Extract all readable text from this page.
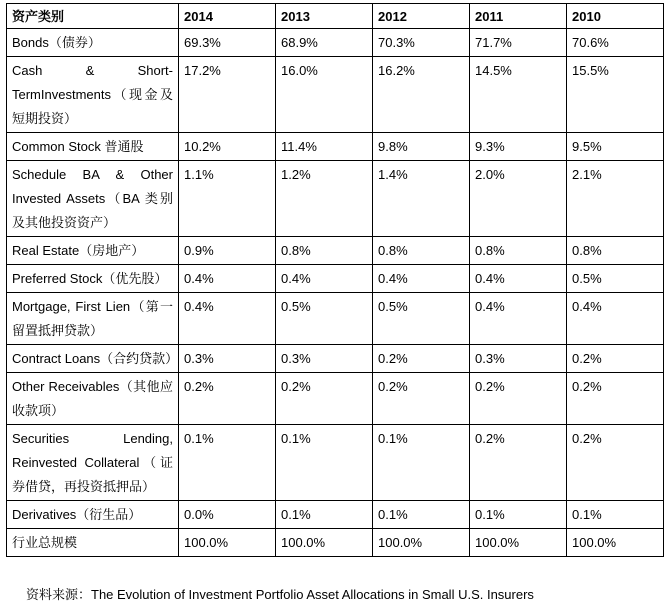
资产类别	2014	2013	2012	2011	2010
Bonds（债券）	69.3%	68.9%	70.3%	71.7%	70.6%
Cash & Short-TermInvestments（现金及短期投资）	17.2%	16.0%	16.2%	14.5%	15.5%
Common Stock 普通股	10.2%	11.4%	9.8%	9.3%	9.5%
Schedule BA & Other Invested Assets（BA 类别及其他投资资产）	1.1%	1.2%	1.4%	2.0%	2.1%
Real Estate（房地产）	0.9%	0.8%	0.8%	0.8%	0.8%
Preferred Stock（优先股）	0.4%	0.4%	0.4%	0.4%	0.5%
Mortgage, First Lien（第一留置抵押贷款）	0.4%	0.5%	0.5%	0.4%	0.4%
Contract Loans（合约贷款）	0.3%	0.3%	0.2%	0.3%	0.2%
Other Receivables（其他应收款项）	0.2%	0.2%	0.2%	0.2%	0.2%
Securities Lending, Reinvested Collateral（证券借贷，再投资抵押品）	0.1%	0.1%	0.1%	0.2%	0.2%
Derivatives（衍生品）	0.0%	0.1%	0.1%	0.1%	0.1%
行业总规模	100.0%	100.0%	100.0%	100.0%	100.0%
资料来源：The Evolution of Investment Portfolio Asset Allocations in Small U.S. Insurers
